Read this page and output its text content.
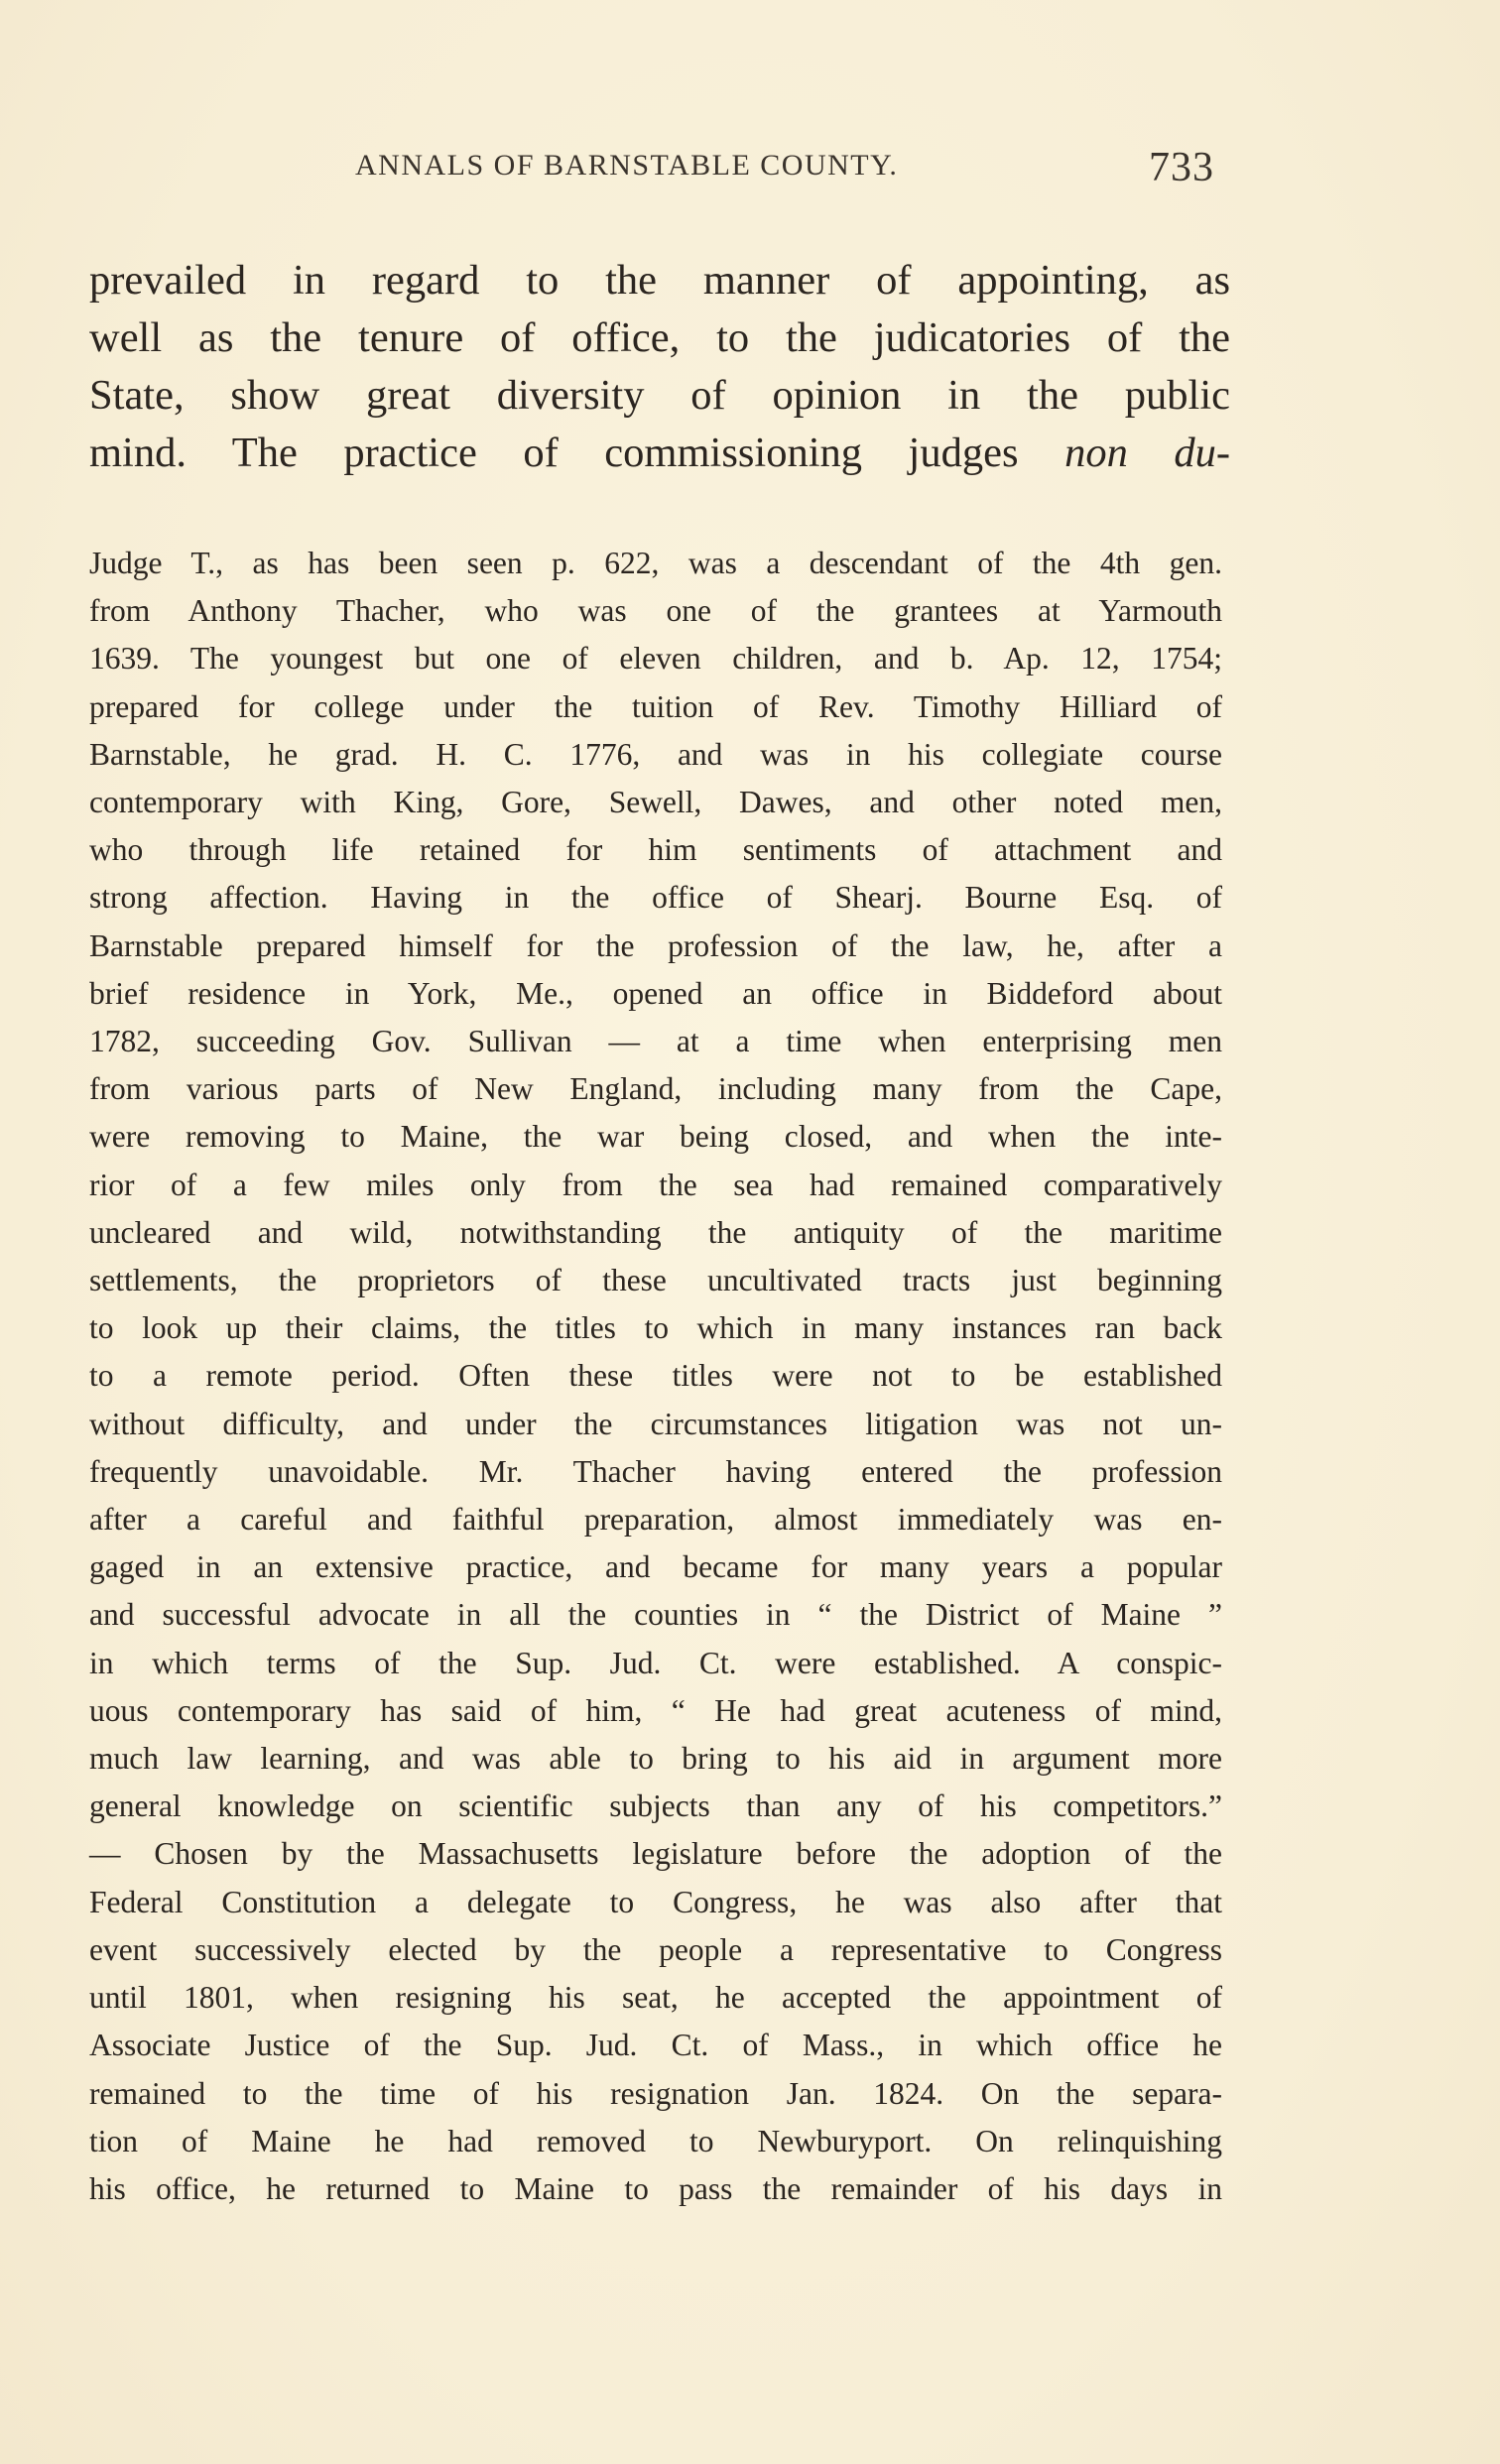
ANNALS OF BARNSTABLE COUNTY.	733
prevailed in regard to the manner of appointing, as
well as the tenure of office, to the judicatories of the
State, show great diversity of opinion in the public
mind. The practice of commissioning judges non du-
Judge T., as has been seen p. 622, was a descendant of the 4th gen.
from Anthony Thacher, who was one of the grantees at Yarmouth
1639. The youngest but one of eleven children, and b. Ap. 12, 1754;
prepared for college under the tuition of Rev. Timothy Hilliard of
Barnstable, he grad. H. C. 1776, and was in his collegiate course
contemporary with King, Gore, Sewell, Dawes, and other noted men,
who through life retained for him sentiments of attachment and
strong affection. Having in the office of Shearj. Bourne Esq. of
Barnstable prepared himself for the profession of the law, he, after a
brief residence in York, Me., opened an office in Biddeford about
1782, succeeding Gov. Sullivan — at a time when enterprising men
from various parts of New England, including many from the Cape,
were removing to Maine, the war being closed, and when the inte-
rior of a few miles only from the sea had remained comparatively
uncleared and wild, notwithstanding the antiquity of the maritime
settlements, the proprietors of these uncultivated tracts just beginning
to look up their claims, the titles to which in many instances ran back
to a remote period. Often these titles were not to be established
without difficulty, and under the circumstances litigation was not un-
frequently unavoidable. Mr. Thacher having entered the profession
after a careful and faithful preparation, almost immediately was en-
gaged in an extensive practice, and became for many years a popular
and successful advocate in all the counties in “ the District of Maine ”
in which terms of the Sup. Jud. Ct. were established. A conspic-
uous contemporary has said of him, “ He had great acuteness of mind,
much law learning, and was able to bring to his aid in argument more
general knowledge on scientific subjects than any of his competitors.”
— Chosen by the Massachusetts legislature before the adoption of the
Federal Constitution a delegate to Congress, he was also after that
event successively elected by the people a representative to Congress
until 1801, when resigning his seat, he accepted the appointment of
Associate Justice of the Sup. Jud. Ct. of Mass., in which office he
remained to the time of his resignation Jan. 1824. On the separa-
tion of Maine he had removed to Newburyport. On relinquishing
his office, he returned to Maine to pass the remainder of his days in
